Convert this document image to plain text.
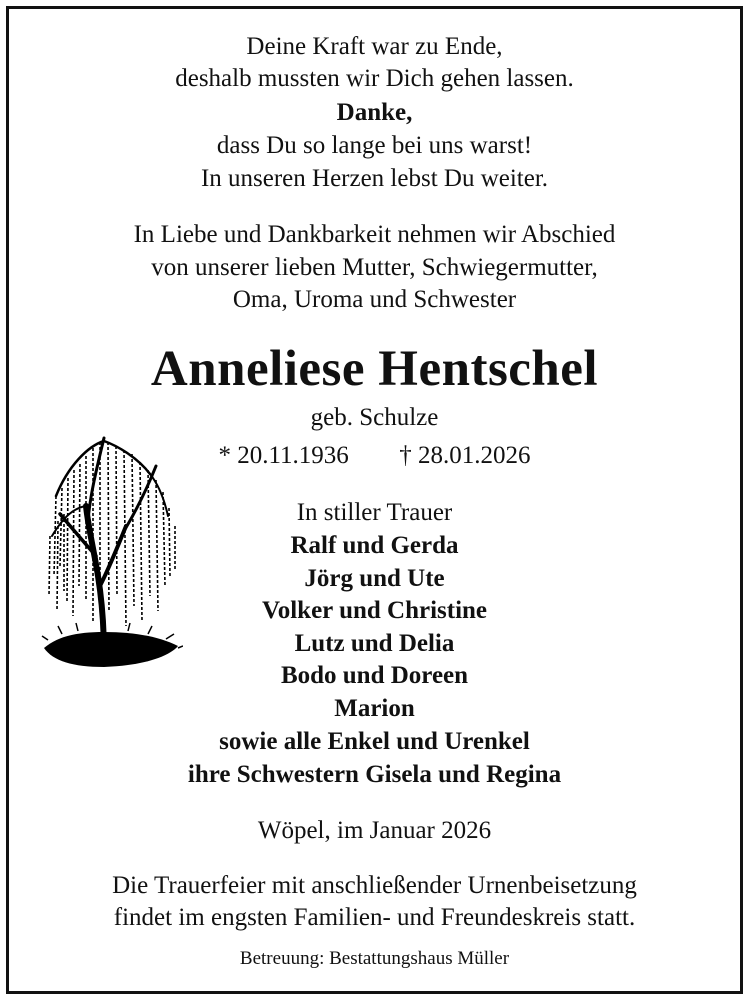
Deine Kraft war zu Ende,
deshalb mussten wir Dich gehen lassen.
Danke,
dass Du so lange bei uns warst!
In unseren Herzen lebst Du weiter.
In Liebe und Dankbarkeit nehmen wir Abschied
von unserer lieben Mutter, Schwiegermutter,
Oma, Uroma und Schwester
Anneliese Hentschel
geb. Schulze
* 20.11.1936 † 28.01.2026
In stiller Trauer
Ralf und Gerda
Jörg und Ute
Volker und Christine
Lutz und Delia
Bodo und Doreen
Marion
sowie alle Enkel und Urenkel
ihre Schwestern Gisela und Regina
Wöpel, im Januar 2026
Die Trauerfeier mit anschließender Urnenbeisetzung
findet im engsten Familien- und Freundeskreis statt.
Betreuung: Bestattungshaus Müller
